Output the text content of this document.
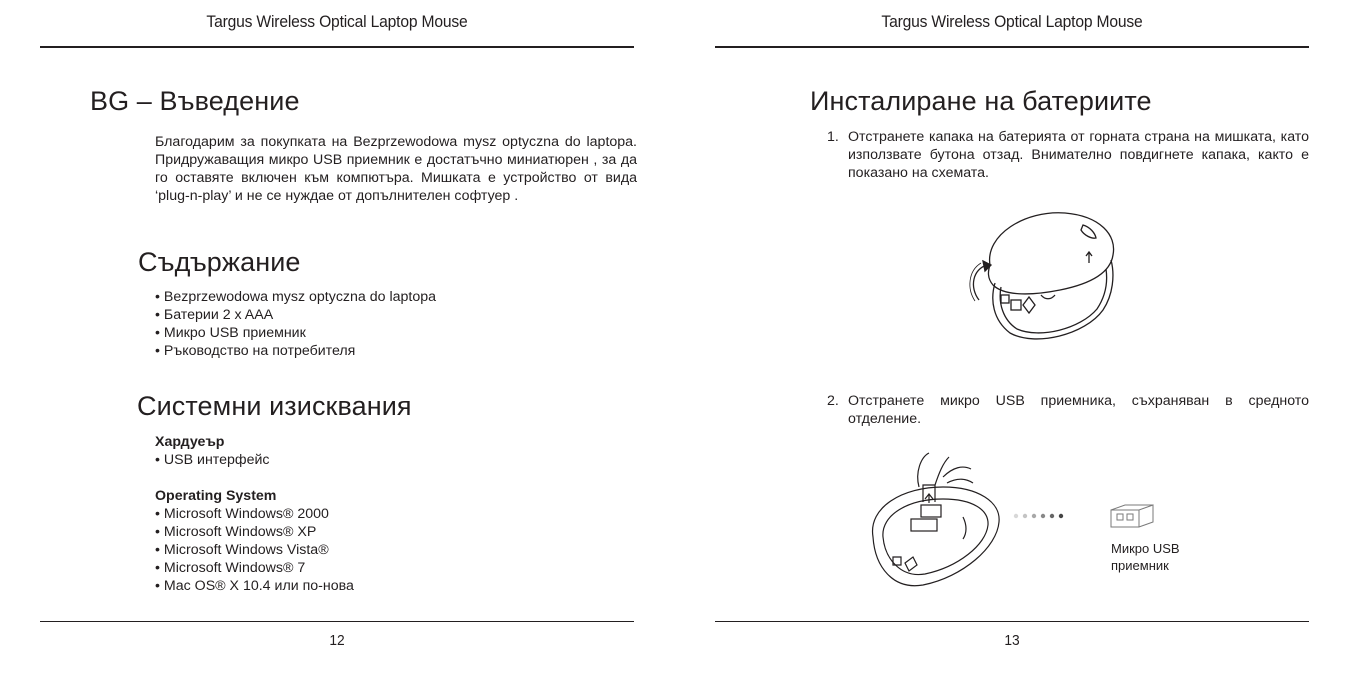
Targus Wireless Optical Laptop Mouse
BG – Въведение

Благодарим за покупката на Bezprzewodowa mysz optyczna do laptopa. Придружаващия микро USB приемник е достатъчно миниатюрен , за да го оставяте включен към компютъра. Мишката е устройство от вида ‘plug-n-play’ и не се нуждае от допълнителен софтуер .

Съдържание
• Bezprzewodowa mysz optyczna do laptopa
• Батерии 2 x AAA
• Микро USB приемник
• Ръководство на потребителя
Системни изисквания
Хардуеър
• USB интерфейс
Operating System
• Microsoft Windows® 2000
• Microsoft Windows® XP
• Microsoft Windows Vista®
• Microsoft Windows® 7
• Mac OS® X 10.4 или по-нова
12
Targus Wireless Optical Laptop Mouse
Инсталиране на батериите
1. Отстранете капака на батерията от горната страна на мишката, като използвате бутона отзад. Внимателно повдигнете капака, както е показано на схемата.
2. Отстранете микро USB приемника, съхраняван в средното отделение.
Микро USB
приемник
13
